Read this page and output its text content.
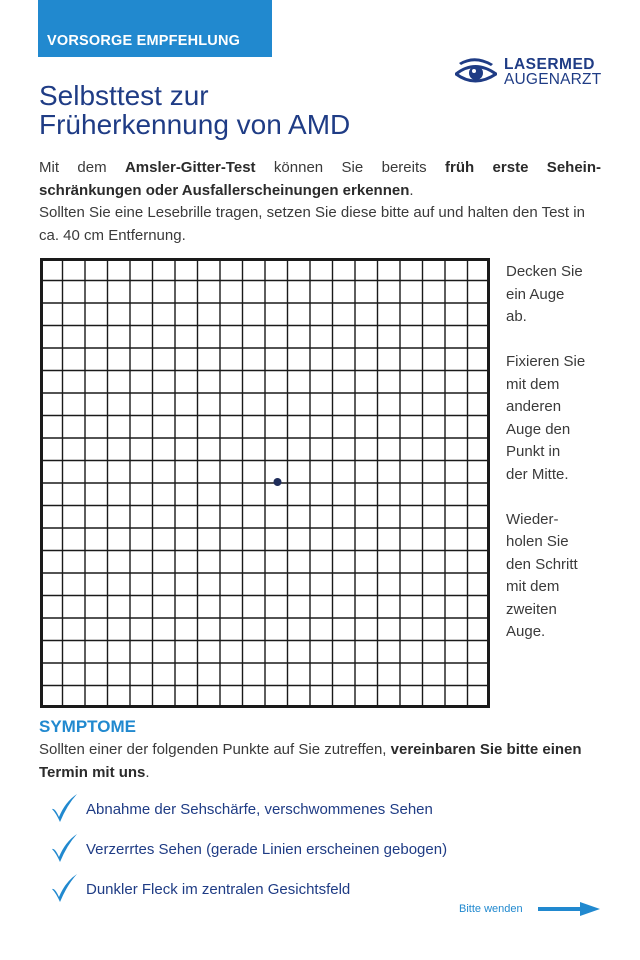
VORSORGE EMPFEHLUNG
LASERMED
AUGENARZT
Selbsttest zur
Früherkennung von AMD
Mit dem Amsler-Gitter-Test können Sie bereits früh erste Sehein-
schränkungen oder Ausfallerscheinungen erkennen.
Sollten Sie eine Lesebrille tragen, setzen Sie diese bitte auf und halten den Test in ca. 40 cm Entfernung.

Decken Sie
ein Auge
ab.

Fixieren Sie
mit dem
anderen
Auge den
Punkt in
der Mitte.

Wieder-
holen Sie
den Schritt
mit dem
zweiten
Auge.

SYMPTOME
Sollten einer der folgenden Punkte auf Sie zutreffen, vereinbaren Sie bitte einen Termin mit uns.
Abnahme der Sehschärfe, verschwommenes Sehen
Verzerrtes Sehen (gerade Linien erscheinen gebogen)
Dunkler Fleck im zentralen Gesichtsfeld
Bitte wenden
